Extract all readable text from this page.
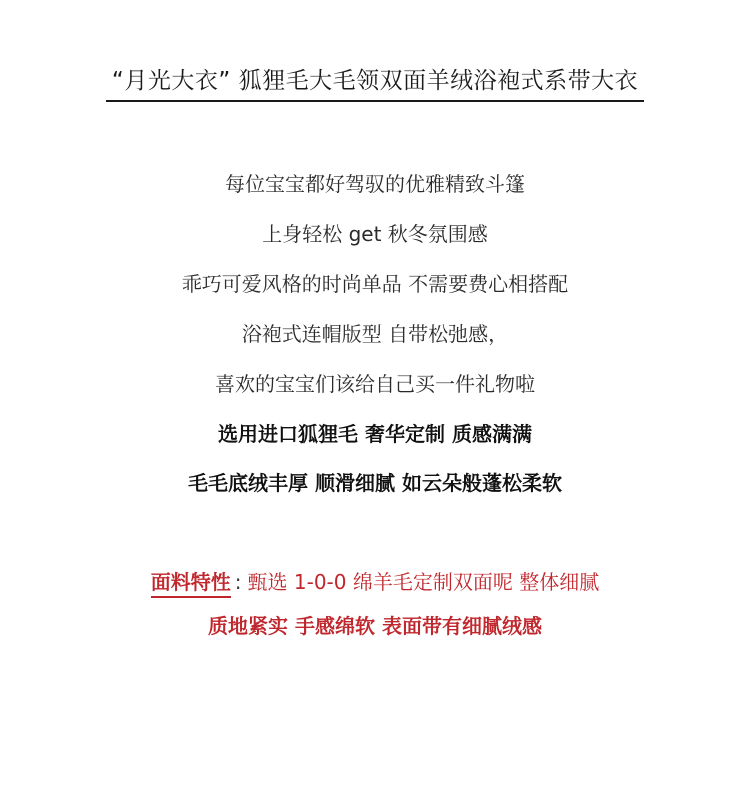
“月光大衣” 狐狸毛大毛领双面羊绒浴袍式系带大衣
每位宝宝都好驾驭的优雅精致斗篷
上身轻松 get 秋冬氛围感
乖巧可爱风格的时尚单品 不需要费心相搭配
浴袍式连帽版型 自带松弛感，
喜欢的宝宝们该给自己买一件礼物啦
选用进口狐狸毛 奢华定制 质感满满
毛毛底绒丰厚 顺滑细腻 如云朵般蓬松柔软
面料特性 : 甄选 1-0-0 绵羊毛定制双面呢 整体细腻
质地紧实 手感绵软 表面带有细腻绒感
